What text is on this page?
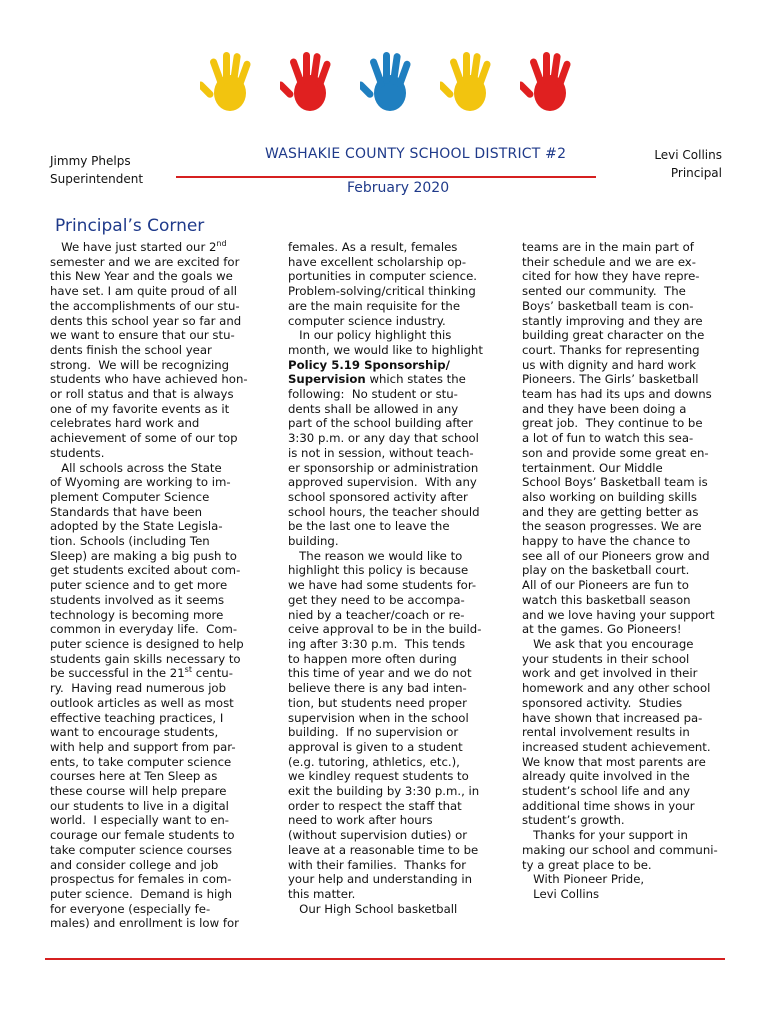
Jimmy Phelps
Superintendent
WASHAKIE COUNTY SCHOOL DISTRICT #2
February 2020
Levi Collins
Principal
Principal’s Corner
We have just started our 2nd
semester and we are excited for
this New Year and the goals we
have set. I am quite proud of all
the accomplishments of our stu-
dents this school year so far and
we want to ensure that our stu-
dents finish the school year
strong.  We will be recognizing
students who have achieved hon-
or roll status and that is always
one of my favorite events as it
celebrates hard work and
achievement of some of our top
students.
All schools across the State
of Wyoming are working to im-
plement Computer Science
Standards that have been
adopted by the State Legisla-
tion. Schools (including Ten
Sleep) are making a big push to
get students excited about com-
puter science and to get more
students involved as it seems
technology is becoming more
common in everyday life.  Com-
puter science is designed to help
students gain skills necessary to
be successful in the 21st centu-
ry.  Having read numerous job
outlook articles as well as most
effective teaching practices, I
want to encourage students,
with help and support from par-
ents, to take computer science
courses here at Ten Sleep as
these course will help prepare
our students to live in a digital
world.  I especially want to en-
courage our female students to
take computer science courses
and consider college and job
prospectus for females in com-
puter science.  Demand is high
for everyone (especially fe-
males) and enrollment is low for
females. As a result, females
have excellent scholarship op-
portunities in computer science.
Problem-solving/critical thinking
are the main requisite for the
computer science industry.
In our policy highlight this
month, we would like to highlight
Policy 5.19 Sponsorship/
Supervision which states the
following:  No student or stu-
dents shall be allowed in any
part of the school building after
3:30 p.m. or any day that school
is not in session, without teach-
er sponsorship or administration
approved supervision.  With any
school sponsored activity after
school hours, the teacher should
be the last one to leave the
building.
The reason we would like to
highlight this policy is because
we have had some students for-
get they need to be accompa-
nied by a teacher/coach or re-
ceive approval to be in the build-
ing after 3:30 p.m.  This tends
to happen more often during
this time of year and we do not
believe there is any bad inten-
tion, but students need proper
supervision when in the school
building.  If no supervision or
approval is given to a student
(e.g. tutoring, athletics, etc.),
we kindley request students to
exit the building by 3:30 p.m., in
order to respect the staff that
need to work after hours
(without supervision duties) or
leave at a reasonable time to be
with their families.  Thanks for
your help and understanding in
this matter.
Our High School basketball
teams are in the main part of
their schedule and we are ex-
cited for how they have repre-
sented our community.  The
Boys’ basketball team is con-
stantly improving and they are
building great character on the
court. Thanks for representing
us with dignity and hard work
Pioneers. The Girls’ basketball
team has had its ups and downs
and they have been doing a
great job.  They continue to be
a lot of fun to watch this sea-
son and provide some great en-
tertainment. Our Middle
School Boys’ Basketball team is
also working on building skills
and they are getting better as
the season progresses. We are
happy to have the chance to
see all of our Pioneers grow and
play on the basketball court.
All of our Pioneers are fun to
watch this basketball season
and we love having your support
at the games. Go Pioneers!
We ask that you encourage
your students in their school
work and get involved in their
homework and any other school
sponsored activity.  Studies
have shown that increased pa-
rental involvement results in
increased student achievement.
We know that most parents are
already quite involved in the
student’s school life and any
additional time shows in your
student’s growth.
Thanks for your support in
making our school and communi-
ty a great place to be.
With Pioneer Pride,
Levi Collins
